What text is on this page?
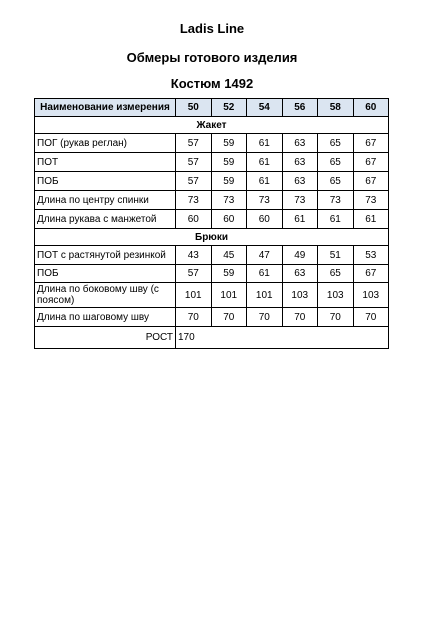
Ladis Line
Обмеры готового изделия
Костюм 1492
Наименование измерения	50	52	54	56	58	60
Жакет						
ПОГ (рукав реглан)	57	59	61	63	65	67
ПОТ	57	59	61	63	65	67
ПОБ	57	59	61	63	65	67
Длина по центру спинки	73	73	73	73	73	73
Длина рукава с манжетой	60	60	60	61	61	61
Брюки						
ПОТ с растянутой резинкой	43	45	47	49	51	53
ПОБ	57	59	61	63	65	67
Длина по боковому шву (с поясом)	101	101	101	103	103	103
Длина по шаговому шву	70	70	70	70	70	70
РОСТ	170					
